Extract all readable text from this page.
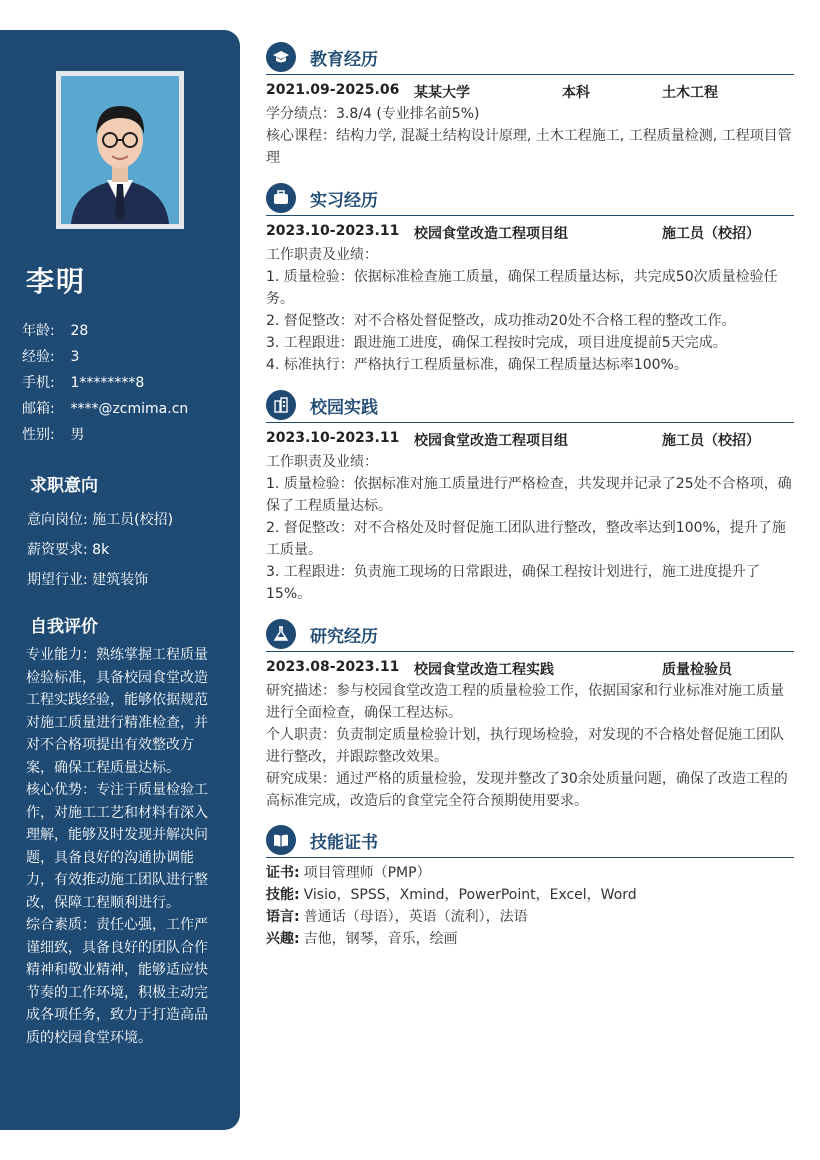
李明
年龄: 28
经验: 3
手机: 1********8
邮箱: ****@zcmima.cn
性别: 男
求职意向
意向岗位: 施工员(校招)
薪资要求: 8k
期望行业: 建筑装饰
自我评价

专业能力：熟练掌握工程质量检验标准，具备校园食堂改造工程实践经验，能够依据规范对施工质量进行精准检查，并对不合格项提出有效整改方案，确保工程质量达标。

核心优势：专注于质量检验工作，对施工工艺和材料有深入理解，能够及时发现并解决问题，具备良好的沟通协调能力，有效推动施工团队进行整改，保障工程顺利进行。

综合素质：责任心强，工作严谨细致，具备良好的团队合作精神和敬业精神，能够适应快节奏的工作环境，积极主动完成各项任务，致力于打造高品质的校园食堂环境。

教育经历
2021.09-2025.06 某某大学	本科	土木工程

学分绩点：3.8/4 (专业排名前5%)

核心课程：结构力学, 混凝土结构设计原理, 土木工程施工, 工程质量检测, 工程项目管理

实习经历
2023.10-2023.11 校园食堂改造工程项目组	施工员（校招）

工作职责及业绩：

1. 质量检验：依据标准检查施工质量，确保工程质量达标，共完成50次质量检验任务。

2. 督促整改：对不合格处督促整改，成功推动20处不合格工程的整改工作。

3. 工程跟进：跟进施工进度，确保工程按时完成，项目进度提前5天完成。

4. 标准执行：严格执行工程质量标准，确保工程质量达标率100%。

校园实践
2023.10-2023.11 校园食堂改造工程项目组	施工员（校招）

工作职责及业绩：

1. 质量检验：依据标准对施工质量进行严格检查，共发现并记录了25处不合格项，确保了工程质量达标。

2. 督促整改：对不合格处及时督促施工团队进行整改，整改率达到100%，提升了施工质量。

3. 工程跟进：负责施工现场的日常跟进，确保工程按计划进行，施工进度提升了15%。

研究经历
2023.08-2023.11 校园食堂改造工程实践	质量检验员

研究描述：参与校园食堂改造工程的质量检验工作，依据国家和行业标准对施工质量进行全面检查，确保工程达标。

个人职责：负责制定质量检验计划，执行现场检验，对发现的不合格处督促施工团队进行整改，并跟踪整改效果。

研究成果：通过严格的质量检验，发现并整改了30余处质量问题，确保了改造工程的高标准完成，改造后的食堂完全符合预期使用要求。

技能证书
证书: 项目管理师（PMP）
技能: Visio，SPSS，Xmind，PowerPoint，Excel，Word
语言: 普通话（母语），英语（流利），法语
兴趣: 吉他，钢琴，音乐，绘画
